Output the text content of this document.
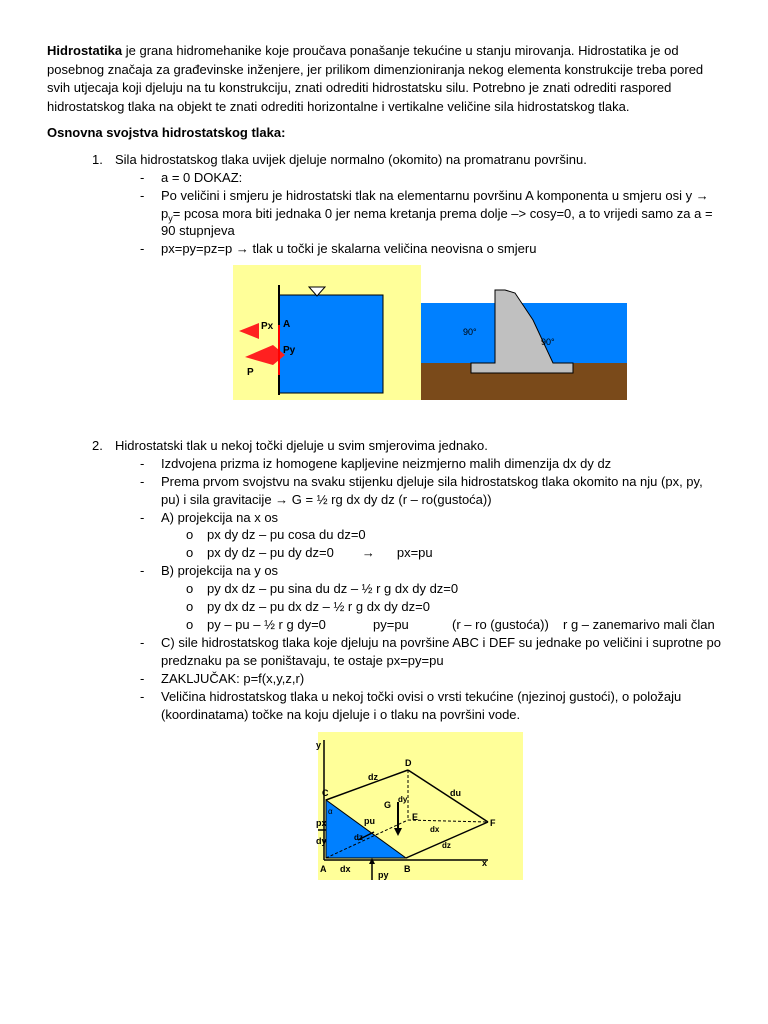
Hidrostatika je grana hidromehanike koje proučava ponašanje tekućine u stanju mirovanja. Hidrostatika je od posebnog značaja za građevinske inženjere, jer prilikom dimenzioniranja nekog elementa konstrukcije treba pored svih utjecaja koji djeluju na tu konstrukciju, znati odrediti hidrostatsku silu. Potrebno je znati odrediti raspored hidrostatskog tlaka na objekt te znati odrediti horizontalne i vertikalne veličine sila hidrostatskog tlaka.

Osnovna svojstva hidrostatskog tlaka:

1. Sila hidrostatskog tlaka uvijek djeluje normalno (okomito) na promatranu površinu.
- a = 0 DOKAZ:
- Po veličini i smjeru je hidrostatski tlak na elementarnu površinu A komponenta u smjeru osi y →
$p_y= pcosa$ mora biti jednaka 0 jer nema kretanja prema dolje –> cosy=0, a to vrijedi samo za a =
90 stupnjeva
- px=py=pz=p → tlak u točki je skalarna veličina neovisna o smjeru
Px A
Py
P
90°
90°
2. Hidrostatski tlak u nekoj točki djeluje u svim smjerovima jednako.
- Izdvojena prizma iz homogene kapljevine neizmjerno malih dimenzija dx dy dz
- Prema prvom svojstvu na svaku stijenku djeluje sila hidrostatskog tlaka okomito na nju (px, py,
pu) i sila gravitacije → G = ½ rg dx dy dz (r – ro(gustoća))
- A) projekcija na x os
o px dy dz – pu cosa du dz=0
o px dy dz – pu dy dz=0 → px=pu
- B) projekcija na y os
o py dx dz – pu sina du dz – ½ r g dx dy dz=0
o py dx dz – pu dx dz – ½ r g dx dy dz=0
o py – pu – ½ r g dy=0	py=pu	(r – ro (gustoća)) r g – zanemarivo mali član
- C) sile hidrostatskog tlaka koje djeluju na površine ABC i DEF su jednake po veličini i suprotne po
predznaku pa se poništavaju, te ostaje px=py=pu
- ZAKLJUČAK: p=f(x,y,z,r)
- Veličina hidrostatskog tlaka u nekoj točki ovisi o vrsti tekućine (njezinoj gustoći), o položaju
(koordinatama) točke na koju djeluje i o tlaku na površini vode.
y
dz
D
C
dy
G
du
α
pu	E
F
px
dx
dy	dz
dz
A dx	B
x
py
